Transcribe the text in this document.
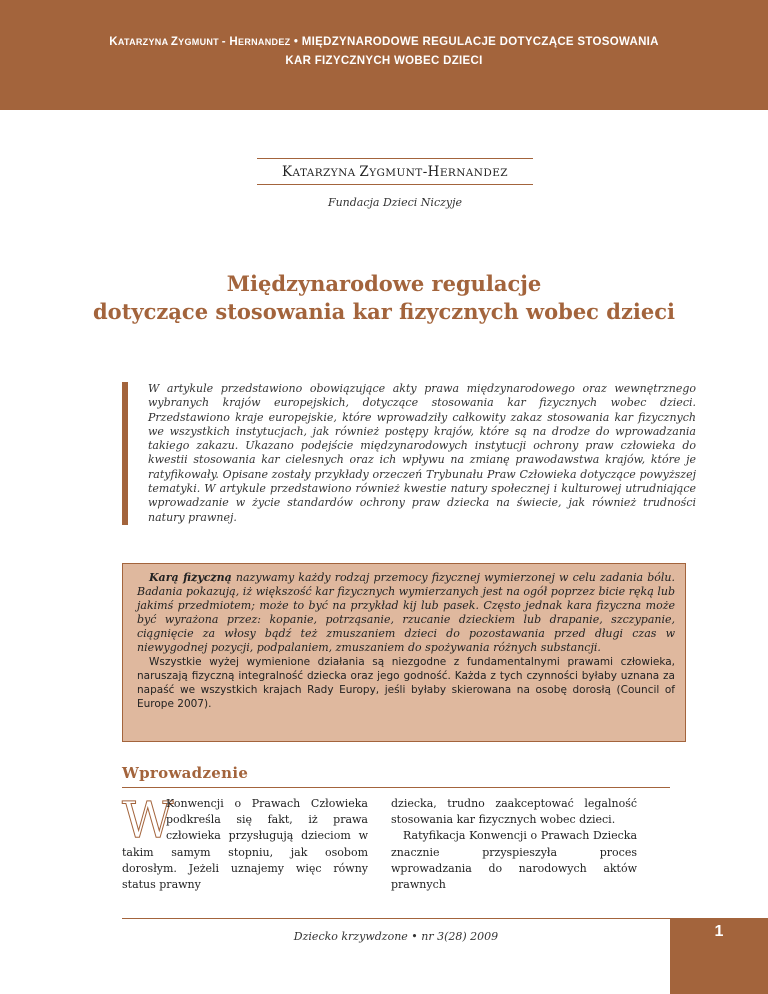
KATARZYNA ZYGMUNT - HERNANDEZ • MIĘDZYNARODOWE REGULACJE DOTYCZĄCE STOSOWANIA
KAR FIZYCZNYCH WOBEC DZIECI
KATARZYNA ZYGMUNT-HERNANDEZ
Fundacja Dzieci Niczyje
Międzynarodowe regulacje
dotyczące stosowania kar fizycznych wobec dzieci
W artykule przedstawiono obowiązujące akty prawa międzynarodowego oraz wewnętrznego wybranych krajów europejskich, dotyczące stosowania kar fizycznych wobec dzieci. Przedstawiono kraje europejskie, które wprowadziły całkowity zakaz stosowania kar fizycznych we wszystkich instytucjach, jak również postępy krajów, które są na drodze do wprowadzania takiego zakazu. Ukazano podejście międzynarodowych instytucji ochrony praw człowieka do kwestii stosowania kar cielesnych oraz ich wpływu na zmianę prawodawstwa krajów, które je ratyfikowały. Opisane zostały przykłady orzeczeń Trybunału Praw Człowieka dotyczące powyższej tematyki. W artykule przedstawiono również kwestie natury społecznej i kulturowej utrudniające wprowadzanie w życie standardów ochrony praw dziecka na świecie, jak również trudności natury prawnej.

Karą fizyczną nazywamy każdy rodzaj przemocy fizycznej wymierzonej w celu zadania bólu. Badania pokazują, iż większość kar fizycznych wymierzanych jest na ogół poprzez bicie ręką lub jakimś przedmiotem; może to być na przykład kij lub pasek. Często jednak kara fizyczna może być wyrażona przez: kopanie, potrząsanie, rzucanie dzieckiem lub drapanie, szczypanie, ciągnięcie za włosy bądź też zmuszaniem dzieci do pozostawania przed długi czas w niewygodnej pozycji, podpalaniem, zmuszaniem do spożywania różnych substancji.

Wszystkie wyżej wymienione działania są niezgodne z fundamentalnymi prawami człowieka, naruszają fizyczną integralność dziecka oraz jego godność. Każda z tych czynności byłaby uznana za napaść we wszystkich krajach Rady Europy, jeśli byłaby skierowana na osobę dorosłą (Council of Europe 2007).

Wprowadzenie

W
Konwencji o Prawach Człowieka podkreśla się fakt, iż prawa człowieka przysługują dzieciom w takim samym stopniu, jak osobom dorosłym. Jeżeli uznajemy więc równy status prawny

dziecka, trudno zaakceptować legalność stosowania kar fizycznych wobec dzieci.

Ratyfikacja Konwencji o Prawach Dziecka znacznie przyspieszyła proces wprowadzania do narodowych aktów prawnych

Dziecko krzywdzone • nr 3(28) 2009	1
